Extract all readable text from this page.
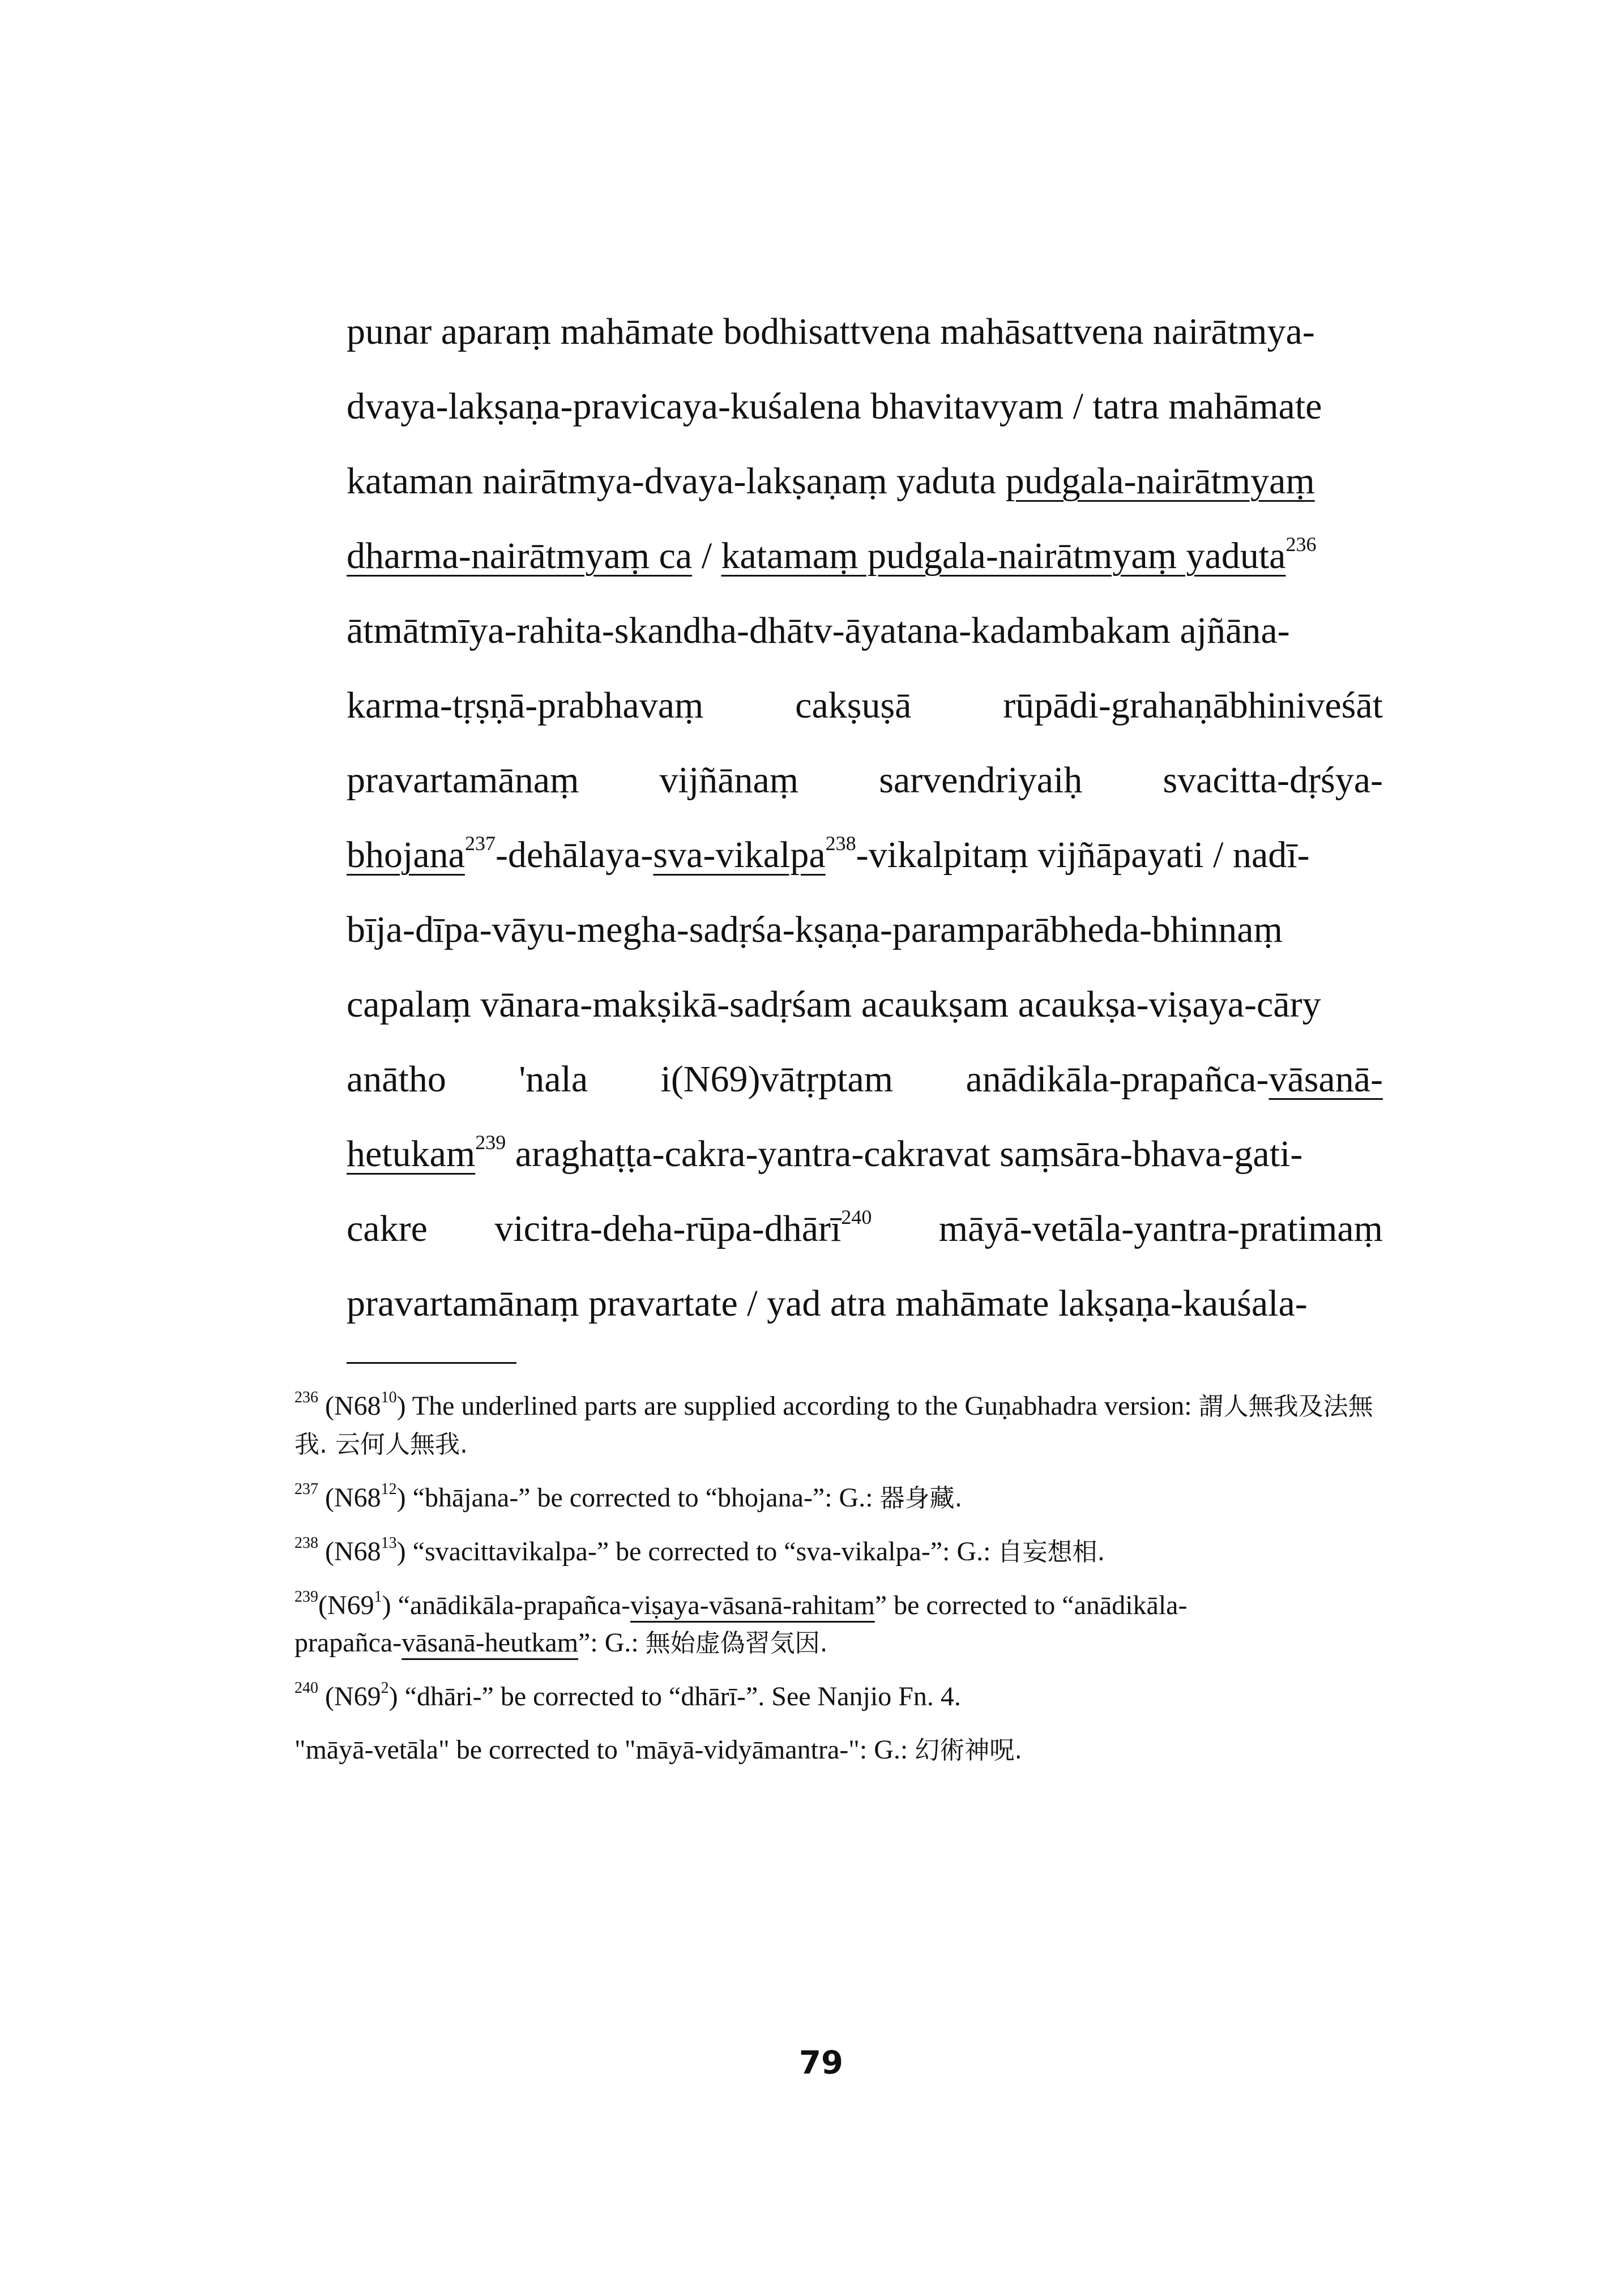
punar aparaṃ mahāmate bodhisattvena mahāsattvena nairātmya-
dvaya-lakṣaṇa-pravicaya-kuśalena bhavitavyam / tatra mahāmate
kataman nairātmya-dvaya-lakṣaṇaṃ yaduta pudgala-nairātmyaṃ
dharma-nairātmyaṃ ca / katamaṃ pudgala-nairātmyaṃ yaduta$^{236}$
ātmātmīya-rahita-skandha-dhātv-āyatana-kadambakam ajñāna-
karma-tṛṣṇā-prabhavaṃ cakṣuṣā rūpādi-grahaṇābhiniveśāt
pravartamānaṃ vijñānaṃ sarvendriyaiḥ svacitta-dṛśya-
bhojana$^{237}$-dehālaya-sva-vikalpa$^{238}$-vikalpitaṃ vijñāpayati / nadī-
bīja-dīpa-vāyu-megha-sadṛśa-kṣaṇa-paramparābheda-bhinnaṃ
capalaṃ vānara-makṣikā-sadṛśam acaukṣam acaukṣa-viṣaya-cāry
anātho 'nala i(N69)vātṛptam anādikāla-prapañca-vāsanā-
hetukam$^{239}$ araghaṭṭa-cakra-yantra-cakravat saṃsāra-bhava-gati-
cakre vicitra-deha-rūpa-dhārī$^{240}$ māyā-vetāla-yantra-pratimaṃ
pravartamānaṃ pravartate / yad atra mahāmate lakṣaṇa-kauśala-
$^{236}$ $(N68^{10})$ The underlined parts are supplied according to the Guṇabhadra version: 謂人無我及法無我. 云何人無我.
$^{237}$ $(N68^{12})$ “bhājana-” be corrected to “bhojana-”: G.: 器身藏.
$^{238}$ $(N68^{13})$ “svacittavikalpa-” be corrected to “sva-vikalpa-”: G.: 自妄想相.
$^{239}(N69^1)$ “anādikāla-prapañca-viṣaya-vāsanā-rahitam” be corrected to “anādikāla-
prapañca-vāsanā-heutkam”: G.: 無始虚偽習気因.
$^{240}$ $(N69^2)$ “dhāri-” be corrected to “dhārī-”. See Nanjio Fn. 4.
"māyā-vetāla" be corrected to "māyā-vidyāmantra-": G.: 幻術神呪.
79
